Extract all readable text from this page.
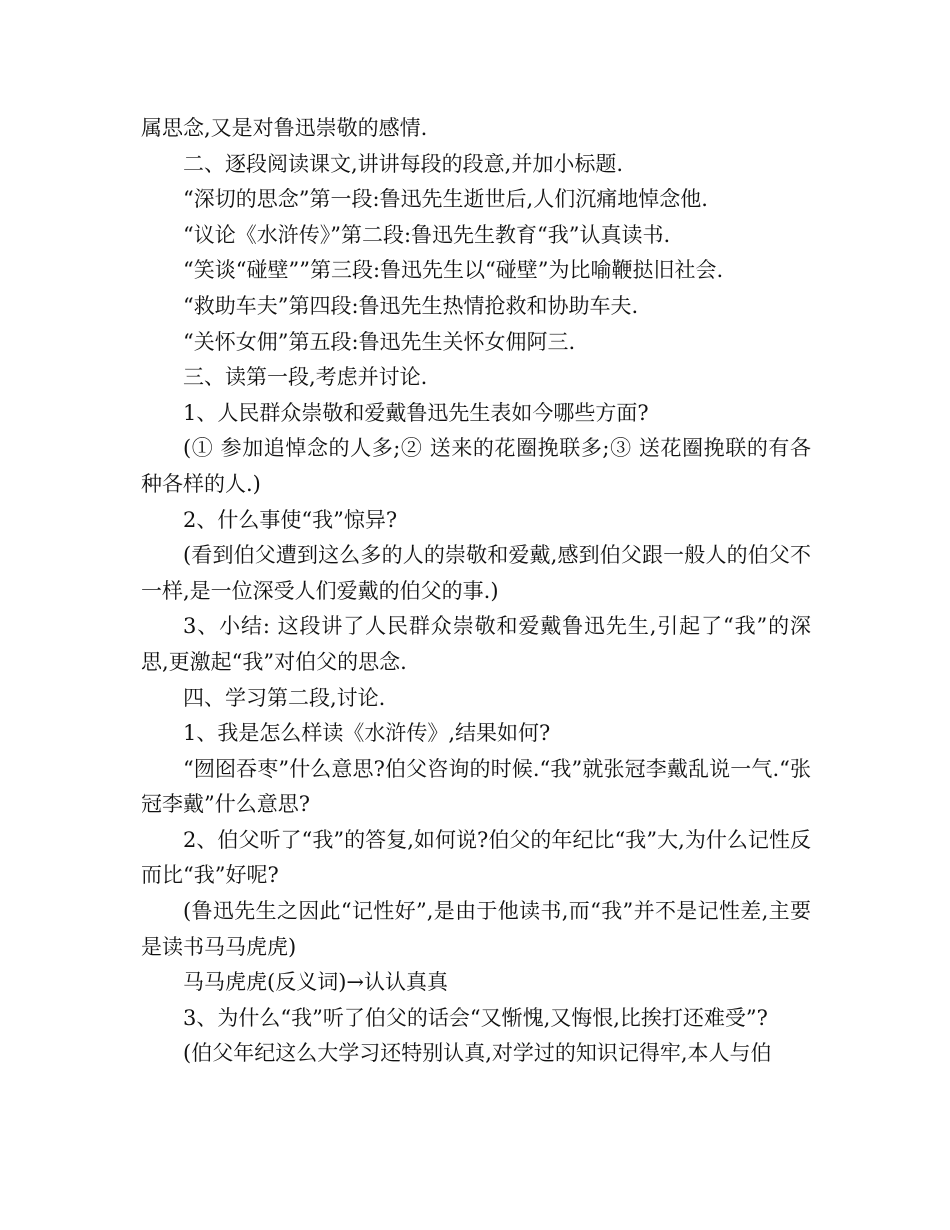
属思念,又是对鲁迅崇敬的感情.

二、逐段阅读课文,讲讲每段的段意,并加小标题.

“深切的思念”第一段:鲁迅先生逝世后,人们沉痛地悼念他.

“议论《水浒传》”第二段:鲁迅先生教育“我”认真读书.

“笑谈“碰壁””第三段:鲁迅先生以“碰壁”为比喻鞭挞旧社会.

“救助车夫”第四段:鲁迅先生热情抢救和协助车夫.

“关怀女佣”第五段:鲁迅先生关怀女佣阿三.

三、读第一段,考虑并讨论.

1、人民群众崇敬和爱戴鲁迅先生表如今哪些方面?

(① 参加追悼念的人多;② 送来的花圈挽联多;③ 送花圈挽联的有各种各样的人.)

2、什么事使“我”惊异?

(看到伯父遭到这么多的人的崇敬和爱戴,感到伯父跟一般人的伯父不一样,是一位深受人们爱戴的伯父的事.)

3、小结: 这段讲了人民群众崇敬和爱戴鲁迅先生,引起了“我”的深思,更激起“我”对伯父的思念.

四、学习第二段,讨论.

1、我是怎么样读《水浒传》,结果如何?

“囫囵吞枣”什么意思?伯父咨询的时候.“我”就张冠李戴乱说一气.“张冠李戴”什么意思?

2、伯父听了“我”的答复,如何说?伯父的年纪比“我”大,为什么记性反而比“我”好呢?

(鲁迅先生之因此“记性好”,是由于他读书,而“我”并不是记性差,主要是读书马马虎虎)

马马虎虎(反义词)→认认真真

3、为什么“我”听了伯父的话会“又惭愧,又悔恨,比挨打还难受”?

(伯父年纪这么大学习还特别认真,对学过的知识记得牢,本人与伯
